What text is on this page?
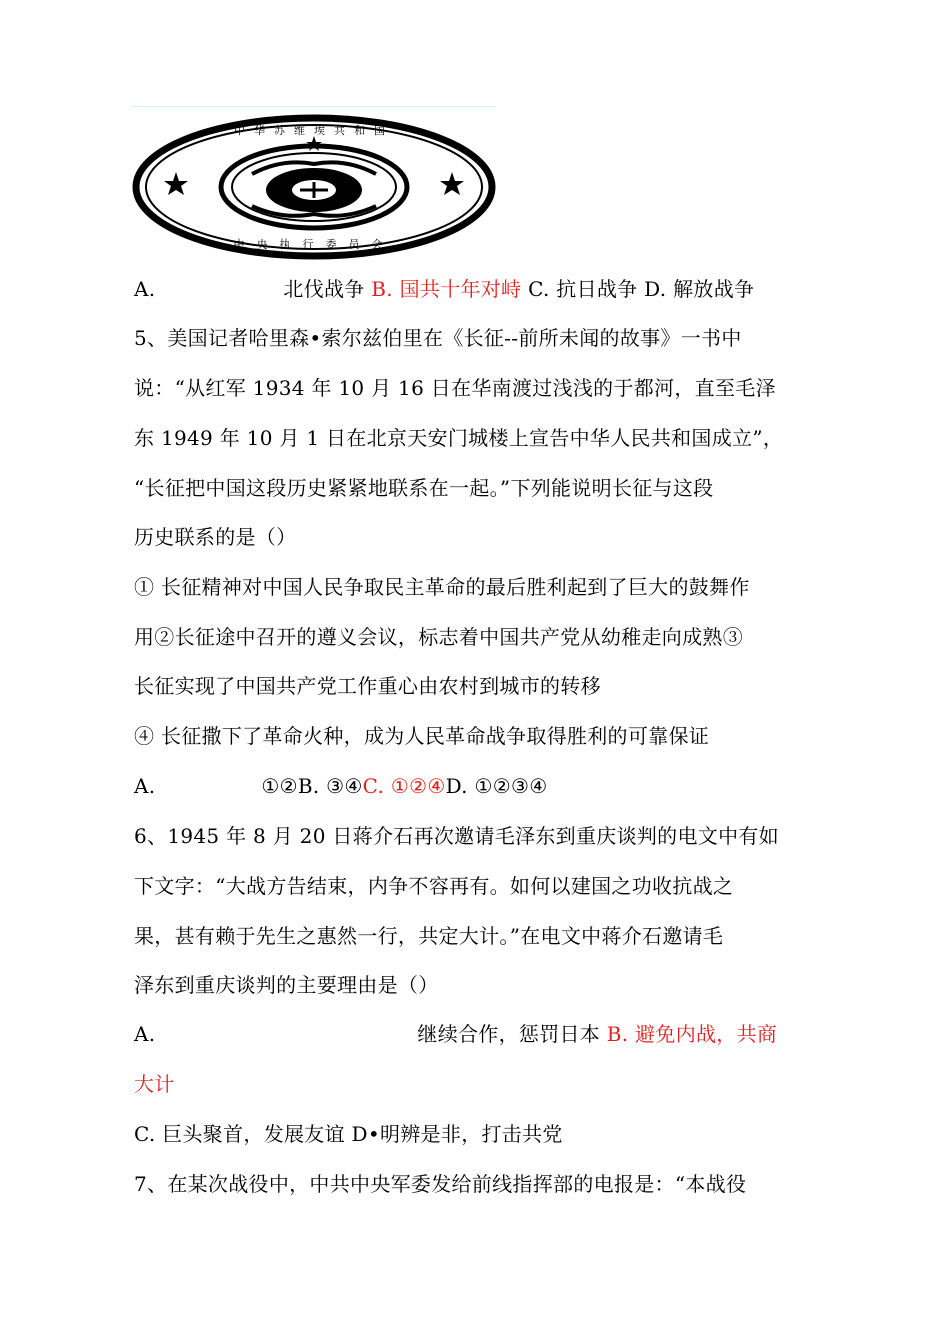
中华苏维埃共和国
中央执行委员会
A.	北伐战争 B. 国共十年对峙 C. 抗日战争 D. 解放战争
5、美国记者哈里森•索尔兹伯里在《长征--前所未闻的故事》一书中
说：“从红军 1934 年 10 月 16 日在华南渡过浅浅的于都河，直至毛泽
东 1949 年 10 月 1 日在北京天安门城楼上宣告中华人民共和国成立”，
“长征把中国这段历史紧紧地联系在一起。”下列能说明长征与这段
历史联系的是（）
① 长征精神对中国人民争取民主革命的最后胜利起到了巨大的鼓舞作
用②长征途中召开的遵义会议，标志着中国共产党从幼稚走向成熟③
长征实现了中国共产党工作重心由农村到城市的转移
④ 长征撒下了革命火种，成为人民革命战争取得胜利的可靠保证
A.	①②B. ③④C. ①②④D. ①②③④
6、1945 年 8 月 20 日蒋介石再次邀请毛泽东到重庆谈判的电文中有如
下文字：“大战方告结束，内争不容再有。如何以建国之功收抗战之
果，甚有赖于先生之惠然一行，共定大计。”在电文中蒋介石邀请毛
泽东到重庆谈判的主要理由是（）
A.	继续合作，惩罚日本 B. 避免内战，共商
大计
C. 巨头聚首，发展友谊 D•明辨是非，打击共党
7、在某次战役中，中共中央军委发给前线指挥部的电报是：“本战役
